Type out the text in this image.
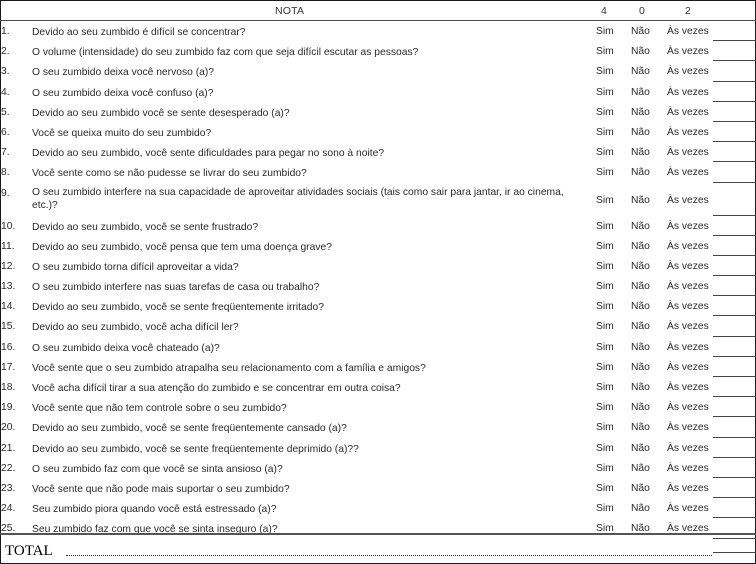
NOTA	4	0	2
1. Devido ao seu zumbido é difícil se concentrar?	Sim Não Às vezes
2. O volume (intensidade) do seu zumbido faz com que seja difícil escutar as pessoas?	Sim Não Às vezes
3. O seu zumbido deixa você nervoso (a)?	Sim Não Às vezes
4. O seu zumbido deixa você confuso (a)?	Sim Não Às vezes
5. Devido ao seu zumbido você se sente desesperado (a)?	Sim Não Às vezes
6. Você se queixa muito do seu zumbido?	Sim Não Às vezes
7. Devido ao seu zumbido, você sente dificuldades para pegar no sono à noite?	Sim Não Às vezes
8. Você sente como se não pudesse se livrar do seu zumbido?	Sim Não Às vezes
9. O seu zumbido interfere na sua capacidade de aproveitar atividades sociais (tais como sair para jantar, ir ao cinema, etc.)?	Sim Não Às vezes
10. Devido ao seu zumbido, você se sente frustrado?	Sim Não Às vezes
11. Devido ao seu zumbido, você pensa que tem uma doença grave?	Sim Não Às vezes
12. O seu zumbido torna difícil aproveitar a vida?	Sim Não Às vezes
13. O seu zumbido interfere nas suas tarefas de casa ou trabalho?	Sim Não Às vezes
14. Devido ao seu zumbido, você se sente freqüentemente irritado?	Sim Não Às vezes
15. Devido ao seu zumbido, você acha difícil ler?	Sim Não Às vezes
16. O seu zumbido deixa você chateado (a)?	Sim Não Às vezes
17. Você sente que o seu zumbido atrapalha seu relacionamento com a família e amigos?	Sim Não Às vezes
18. Você acha difícil tirar a sua atenção do zumbido e se concentrar em outra coisa?	Sim Não Às vezes
19. Você sente que não tem controle sobre o seu zumbido?	Sim Não Às vezes
20. Devido ao seu zumbido, você se sente freqüentemente cansado (a)?	Sim Não Às vezes
21. Devido ao seu zumbido, você se sente freqüentemente deprimido (a)??	Sim Não Às vezes
22. O seu zumbido faz com que você se sinta ansioso (a)?	Sim Não Às vezes
23. Você sente que não pode mais suportar o seu zumbido?	Sim Não Às vezes
24. Seu zumbido piora quando você está estressado (a)?	Sim Não Às vezes
25. Seu zumbido faz com que você se sinta inseguro (a)?	Sim Não Às vezes
TOTAL
